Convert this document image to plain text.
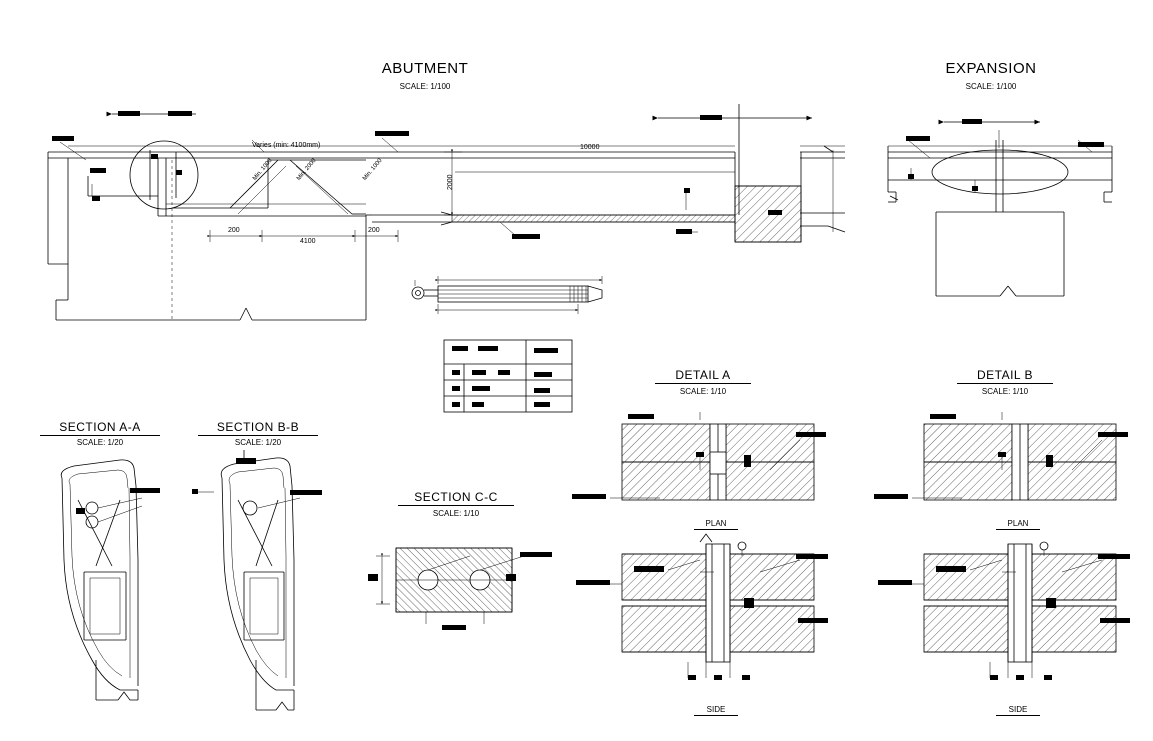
ABUTMENT
SCALE: 1/100
EXPANSION
SCALE: 1/100
SECTION A-A
SCALE: 1/20
SECTION B-B
SCALE: 1/20
SECTION C-C
SCALE: 1/10
DETAIL A
SCALE: 1/10
DETAIL B
SCALE: 1/10
PLAN
SIDE
PLAN
SIDE
Varies (min: 4100mm)	10000
2000
200
4100
200
Min. 1000	Min. 2000	Min. 1000
